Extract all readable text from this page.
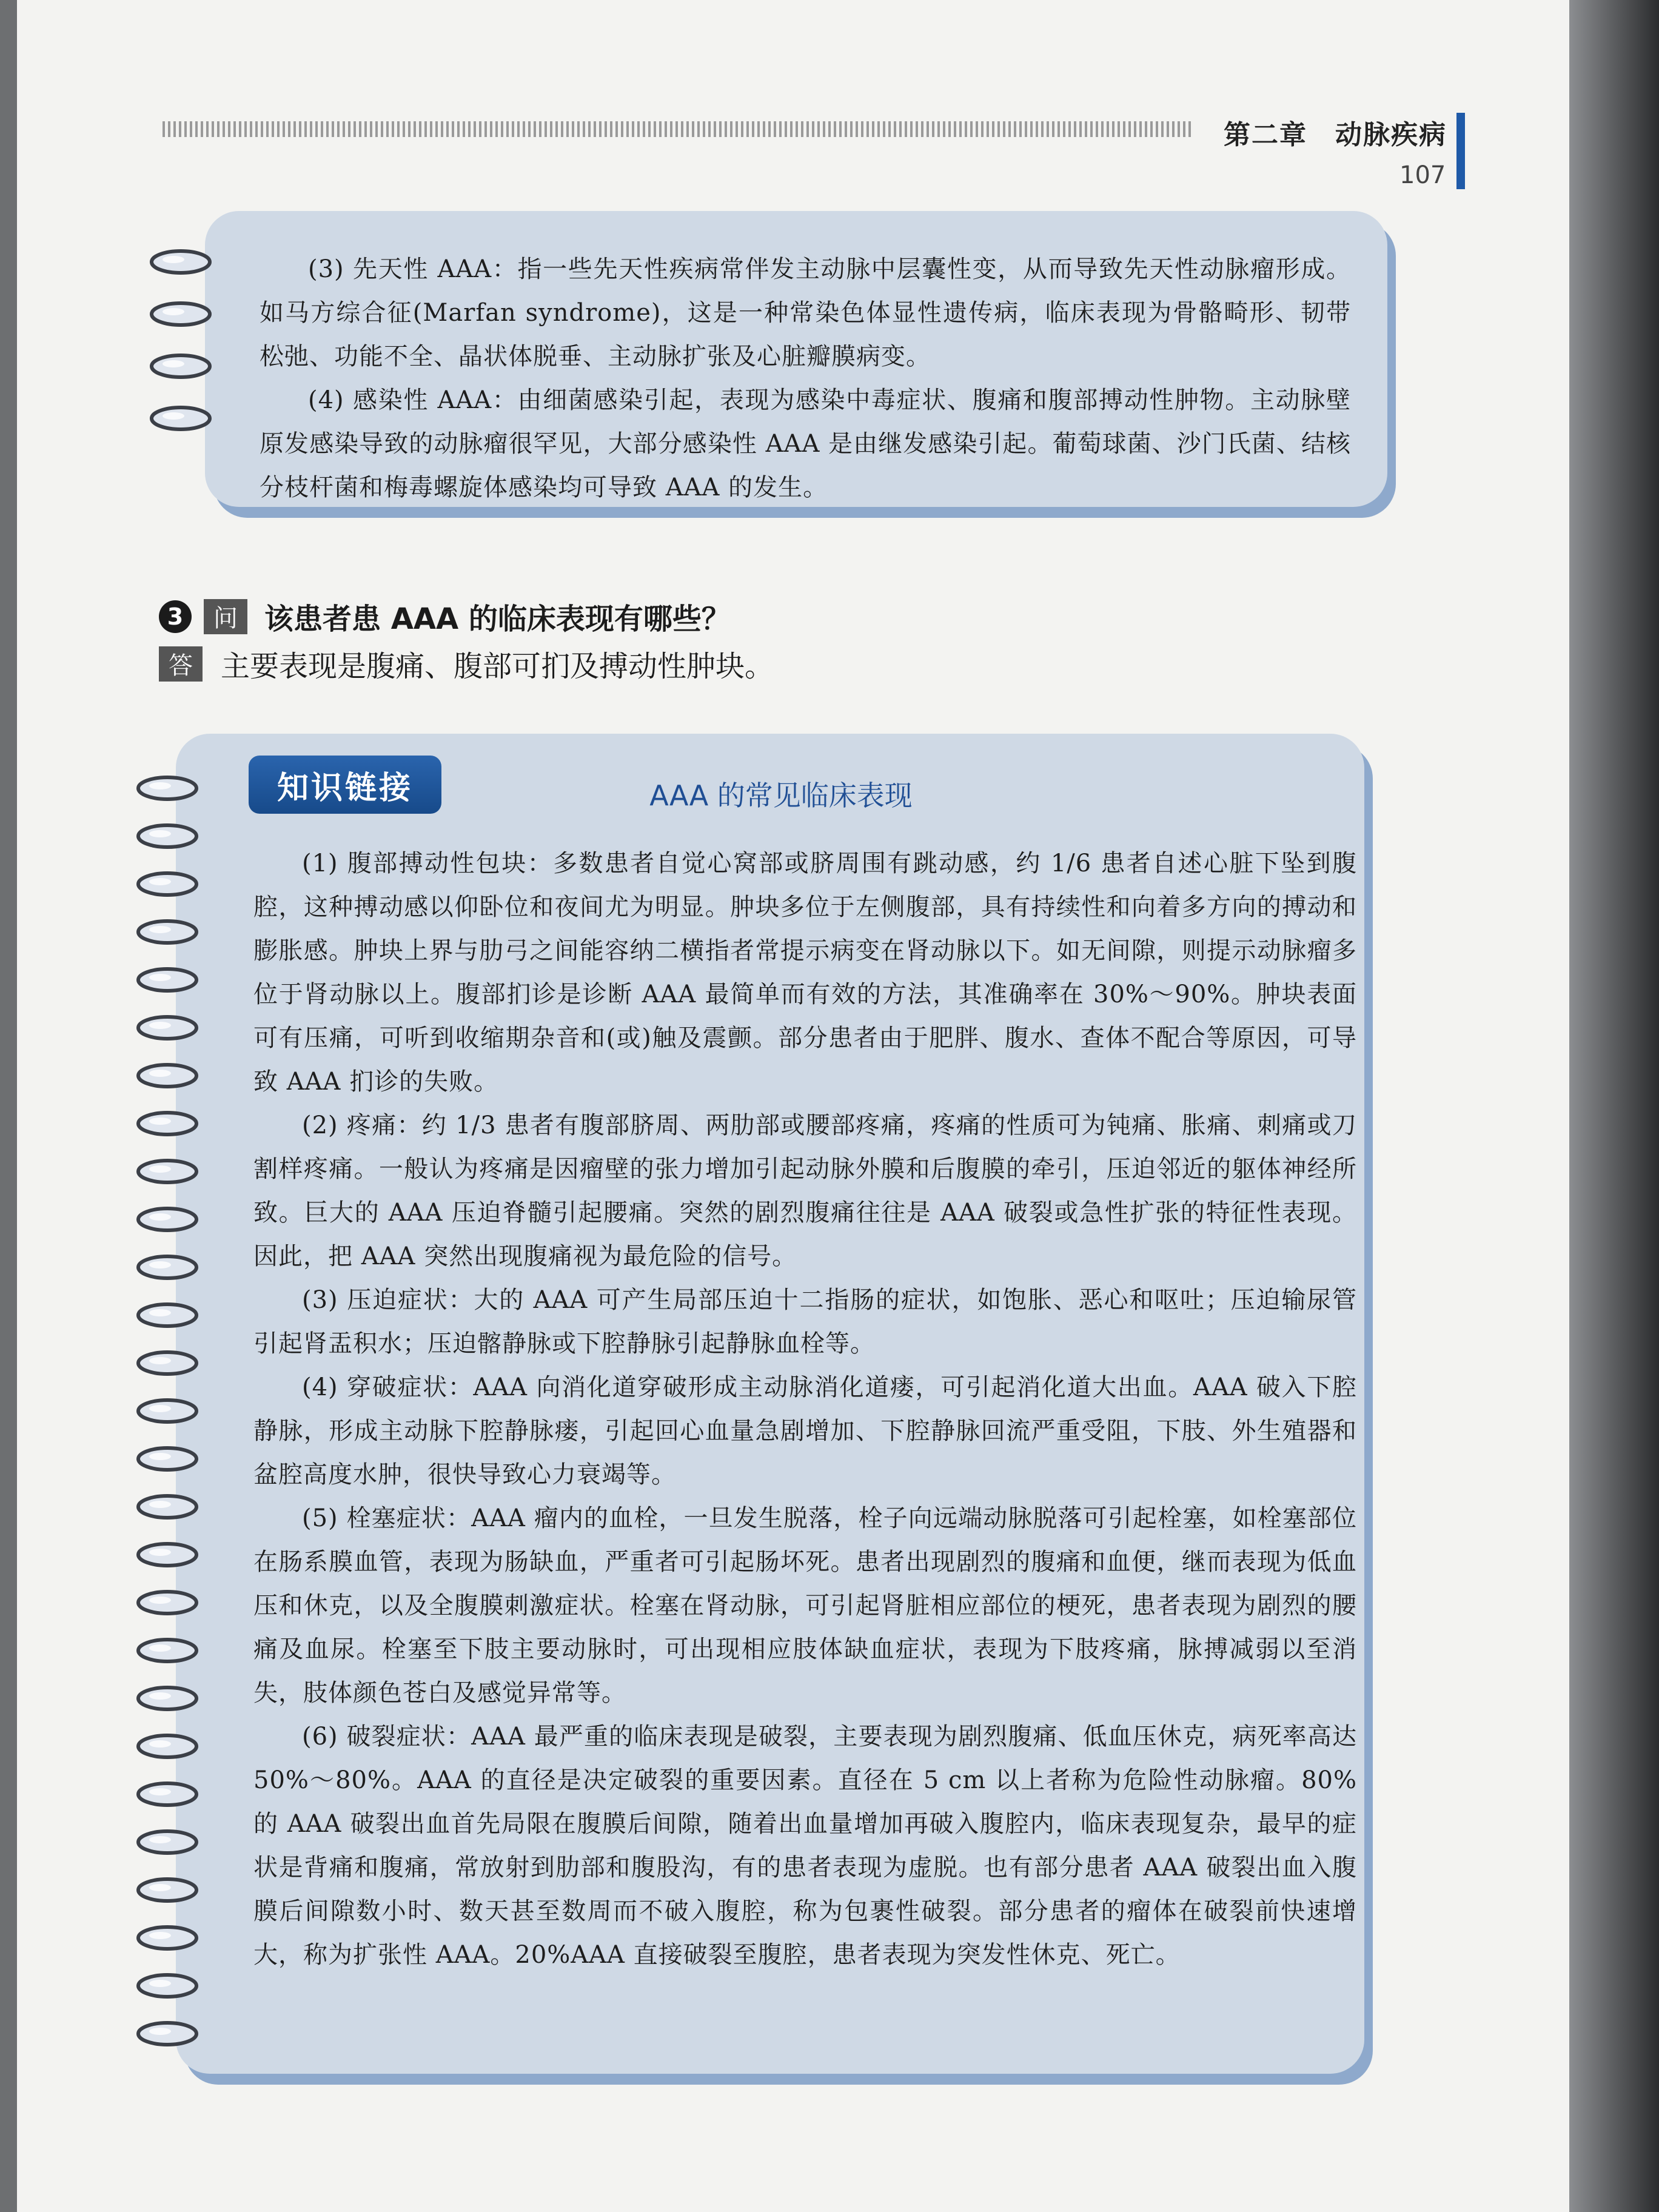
第二章　动脉疾病
107

(3) 先天性 AAA：指一些先天性疾病常伴发主动脉中层囊性变，从而导致先天性动脉瘤形成。如马方综合征(Marfan syndrome)，这是一种常染色体显性遗传病，临床表现为骨骼畸形、韧带松弛、功能不全、晶状体脱垂、主动脉扩张及心脏瓣膜病变。

(4) 感染性 AAA：由细菌感染引起，表现为感染中毒症状、腹痛和腹部搏动性肿物。主动脉壁原发感染导致的动脉瘤很罕见，大部分感染性 AAA 是由继发感染引起。葡萄球菌、沙门氏菌、结核分枝杆菌和梅毒螺旋体感染均可导致 AAA 的发生。

3	问 该患者患 AAA 的临床表现有哪些？
答 主要表现是腹痛、腹部可扪及搏动性肿块。
知识链接	AAA 的常见临床表现

(1) 腹部搏动性包块：多数患者自觉心窝部或脐周围有跳动感，约 1/6 患者自述心脏下坠到腹腔，这种搏动感以仰卧位和夜间尤为明显。肿块多位于左侧腹部，具有持续性和向着多方向的搏动和膨胀感。肿块上界与肋弓之间能容纳二横指者常提示病变在肾动脉以下。如无间隙，则提示动脉瘤多位于肾动脉以上。腹部扪诊是诊断 AAA 最简单而有效的方法，其准确率在 30%～90%。肿块表面可有压痛，可听到收缩期杂音和(或)触及震颤。部分患者由于肥胖、腹水、查体不配合等原因，可导致 AAA 扪诊的失败。

(2) 疼痛：约 1/3 患者有腹部脐周、两肋部或腰部疼痛，疼痛的性质可为钝痛、胀痛、刺痛或刀割样疼痛。一般认为疼痛是因瘤壁的张力增加引起动脉外膜和后腹膜的牵引，压迫邻近的躯体神经所致。巨大的 AAA 压迫脊髓引起腰痛。突然的剧烈腹痛往往是 AAA 破裂或急性扩张的特征性表现。因此，把 AAA 突然出现腹痛视为最危险的信号。

(3) 压迫症状：大的 AAA 可产生局部压迫十二指肠的症状，如饱胀、恶心和呕吐；压迫输尿管引起肾盂积水；压迫髂静脉或下腔静脉引起静脉血栓等。

(4) 穿破症状：AAA 向消化道穿破形成主动脉消化道瘘，可引起消化道大出血。AAA 破入下腔静脉，形成主动脉下腔静脉瘘，引起回心血量急剧增加、下腔静脉回流严重受阻，下肢、外生殖器和盆腔高度水肿，很快导致心力衰竭等。

(5) 栓塞症状：AAA 瘤内的血栓，一旦发生脱落，栓子向远端动脉脱落可引起栓塞，如栓塞部位在肠系膜血管，表现为肠缺血，严重者可引起肠坏死。患者出现剧烈的腹痛和血便，继而表现为低血压和休克，以及全腹膜刺激症状。栓塞在肾动脉，可引起肾脏相应部位的梗死，患者表现为剧烈的腰痛及血尿。栓塞至下肢主要动脉时，可出现相应肢体缺血症状，表现为下肢疼痛，脉搏减弱以至消失，肢体颜色苍白及感觉异常等。

(6) 破裂症状：AAA 最严重的临床表现是破裂，主要表现为剧烈腹痛、低血压休克，病死率高达 50%～80%。AAA 的直径是决定破裂的重要因素。直径在 5 cm 以上者称为危险性动脉瘤。80%的 AAA 破裂出血首先局限在腹膜后间隙，随着出血量增加再破入腹腔内，临床表现复杂，最早的症状是背痛和腹痛，常放射到肋部和腹股沟，有的患者表现为虚脱。也有部分患者 AAA 破裂出血入腹膜后间隙数小时、数天甚至数周而不破入腹腔，称为包裹性破裂。部分患者的瘤体在破裂前快速增大，称为扩张性 AAA。20%AAA 直接破裂至腹腔，患者表现为突发性休克、死亡。
